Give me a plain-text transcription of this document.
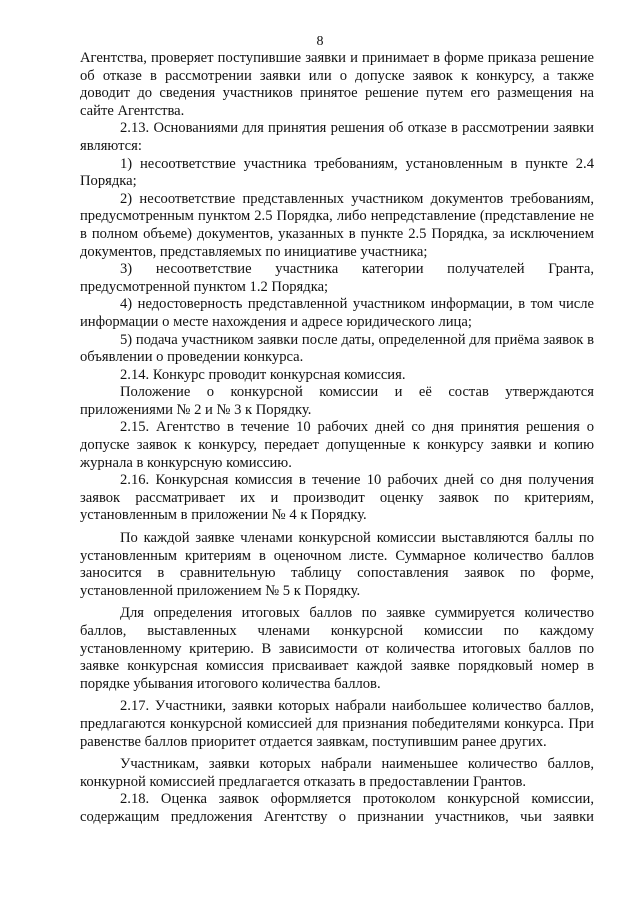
8

Агентства, проверяет поступившие заявки и принимает в форме приказа решение об отказе в рассмотрении заявки или о допуске заявок к конкурсу, а также доводит до сведения участников принятое решение путем его размещения на сайте Агентства.

2.13. Основаниями для принятия решения об отказе в рассмотрении заявки являются:

1) несоответствие участника требованиям, установленным в пункте 2.4 Порядка;

2) несоответствие представленных участником документов требованиям, предусмотренным пунктом 2.5 Порядка, либо непредставление (представление не в полном объеме) документов, указанных в пункте 2.5 Порядка, за исключением документов, представляемых по инициативе участника;

3) несоответствие участника категории получателей Гранта, предусмотренной пунктом 1.2 Порядка;

4) недостоверность представленной участником информации, в том числе информации о месте нахождения и адресе юридического лица;

5) подача участником заявки после даты, определенной для приёма заявок в объявлении о проведении конкурса.

2.14. Конкурс проводит конкурсная комиссия.

Положение о конкурсной комиссии и её состав утверждаются приложениями № 2 и № 3 к Порядку.

2.15. Агентство в течение 10 рабочих дней со дня принятия решения о допуске заявок к конкурсу, передает допущенные к конкурсу заявки и копию журнала в конкурсную комиссию.

2.16. Конкурсная комиссия в течение 10 рабочих дней со дня получения заявок рассматривает их и производит оценку заявок по критериям, установленным в приложении № 4 к Порядку.

По каждой заявке членами конкурсной комиссии выставляются баллы по установленным критериям в оценочном листе. Суммарное количество баллов заносится в сравнительную таблицу сопоставления заявок по форме, установленной приложением № 5 к Порядку.

Для определения итоговых баллов по заявке суммируется количество баллов, выставленных членами конкурсной комиссии по каждому установленному критерию. В зависимости от количества итоговых баллов по заявке конкурсная комиссия присваивает каждой заявке порядковый номер в порядке убывания итогового количества баллов.

2.17. Участники, заявки которых набрали наибольшее количество баллов, предлагаются конкурсной комиссией для признания победителями конкурса. При равенстве баллов приоритет отдается заявкам, поступившим ранее других.

Участникам, заявки которых набрали наименьшее количество баллов, конкурной комиссией предлагается отказать в предоставлении Грантов.

2.18. Оценка заявок оформляется протоколом конкурсной комиссии, содержащим предложения Агентству о признании участников, чьи заявки
